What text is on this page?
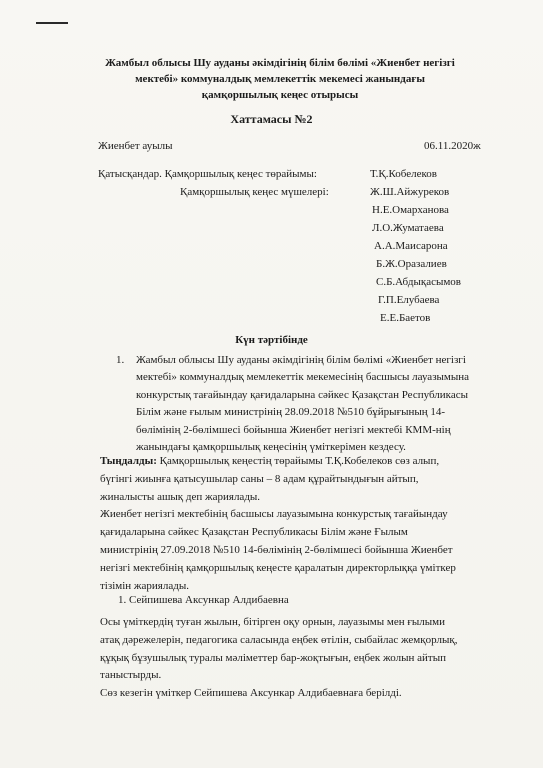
Жамбыл облысы Шу ауданы әкімдігінің білім бөлімі «Жиенбет негізгі
мектебі» коммуналдық мемлекеттік мекемесі жанындағы
қамқоршылық кеңес отырысы
Хаттамасы №2
Жиенбет ауылы	06.11.2020ж
Қатысқандар. Қамқоршылық кеңес төрайымы:	Т.Қ.Кобелеков
Қамқоршылық кеңес мүшелері:	Ж.Ш.Айжуреков
Н.Е.Омарханова
Л.О.Жуматаева
А.А.Маисарона
Б.Ж.Оразалиев
С.Б.Абдықасымов
Г.П.Елубаева
Е.Е.Баетов
Күн тәртібінде
1.	Жамбыл облысы Шу ауданы әкімдігінің білім бөлімі «Жиенбет негізгі
мектебі» коммуналдық мемлекеттік мекемесінің басшысы лауазымына
конкурстық тағайындау қағидаларына сәйкес Қазақстан Республикасы
Білім және ғылым министрінің 28.09.2018 №510 бұйрығының 14-
бөлімінің 2-бөлімшесі бойынша Жиенбет негізгі мектебі КММ-нің
жанындағы қамқоршылық кеңесінің үміткерімен кездесу.
Тыңдалды: Қамқоршылық кеңестің төрайымы Т.Қ.Кобелеков сөз алып,
бүгінгі жиынға қатысушылар саны – 8 адам құрайтындығын айтып,
жиналысты ашық деп жариялады.
Жиенбет негізгі мектебінің басшысы лауазымына конкурстық тағайындау
қағидаларына сәйкес Қазақстан Республикасы Білім және Ғылым
министрінің 27.09.2018 №510 14-бөлімінің 2-бөлімшесі бойынша Жиенбет
негізгі мектебінің қамқоршылық кеңесте қаралатын директорлыққа үміткер
тізімін жариялады.
1. Сейпишева Аксункар Алдибаевна
Осы үміткердің туған жылын, бітірген оқу орнын, лауазымы мен ғылыми
атақ дәрежелерін, педагогика саласында еңбек өтілін, сыбайлас жемқорлық,
құқық бұзушылық туралы мәліметтер бар-жоқтығын, еңбек жолын айтып
таныстырды.
Сөз кезегін үміткер Сейпишева Аксункар Алдибаевнаға берілді.
